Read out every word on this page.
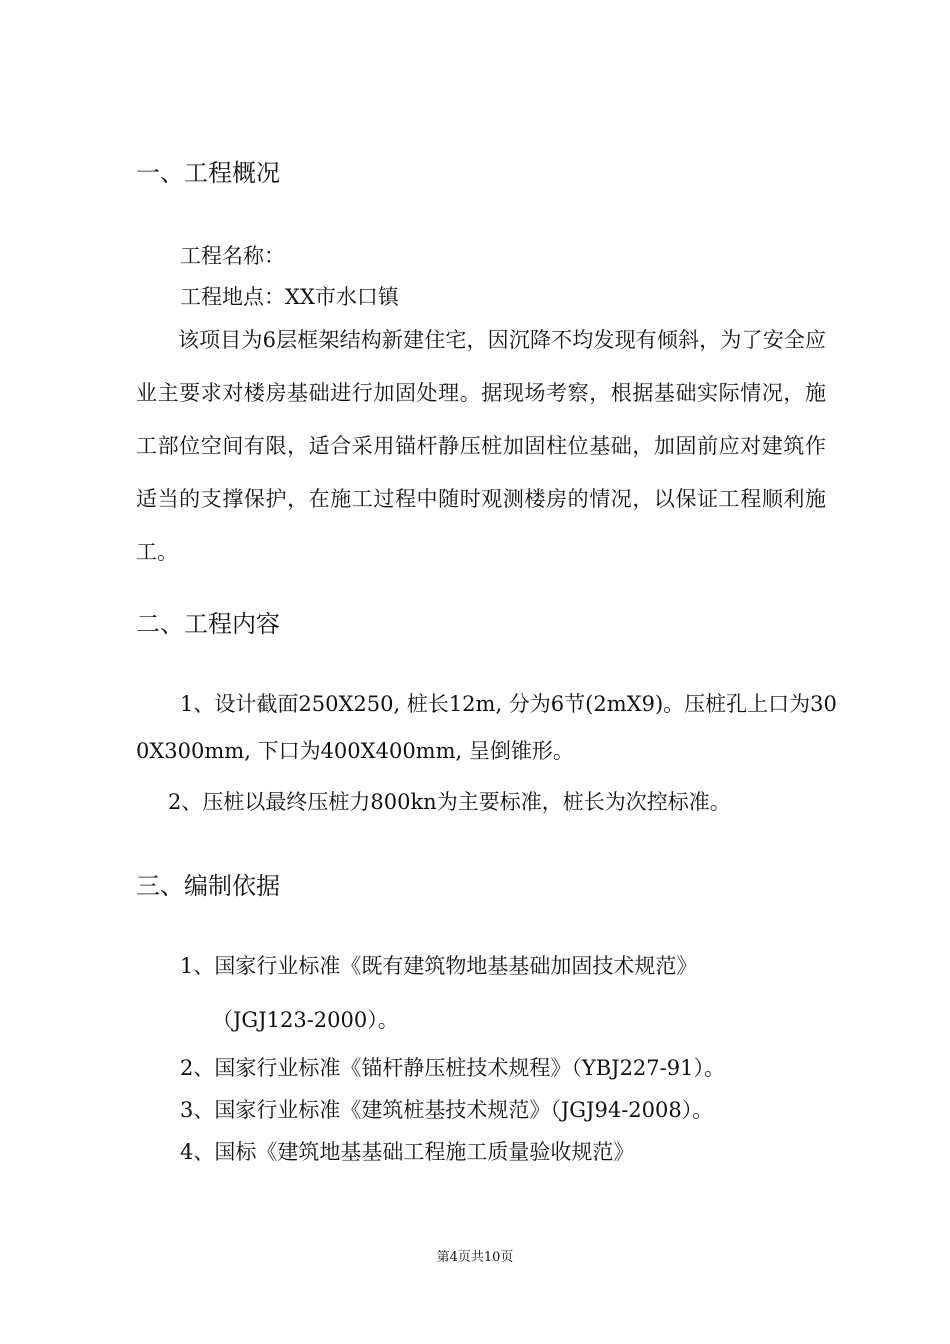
一、工程概况
工程名称：
工程地点：XX市水口镇
该项目为6层框架结构新建住宅，因沉降不均发现有倾斜，为了安全应业主要求对楼房基础进行加固处理。据现场考察，根据基础实际情况，施工部位空间有限，适合采用锚杆静压桩加固柱位基础，加固前应对建筑作适当的支撑保护，在施工过程中随时观测楼房的情况，以保证工程顺利施工。
二、工程内容
1、设计截面250X250, 桩长12m, 分为6节(2mX9)。压桩孔上口为30
0X300mm, 下口为400X400mm, 呈倒锥形。
2、压桩以最终压桩力800kn为主要标准，桩长为次控标准。
三、编制依据
1、国家行业标准《既有建筑物地基基础加固技术规范》
（JGJ123-2000）。
2、国家行业标准《锚杆静压桩技术规程》（YBJ227-91）。
3、国家行业标准《建筑桩基技术规范》（JGJ94-2008）。
4、国标《建筑地基基础工程施工质量验收规范》
第4页共10页
